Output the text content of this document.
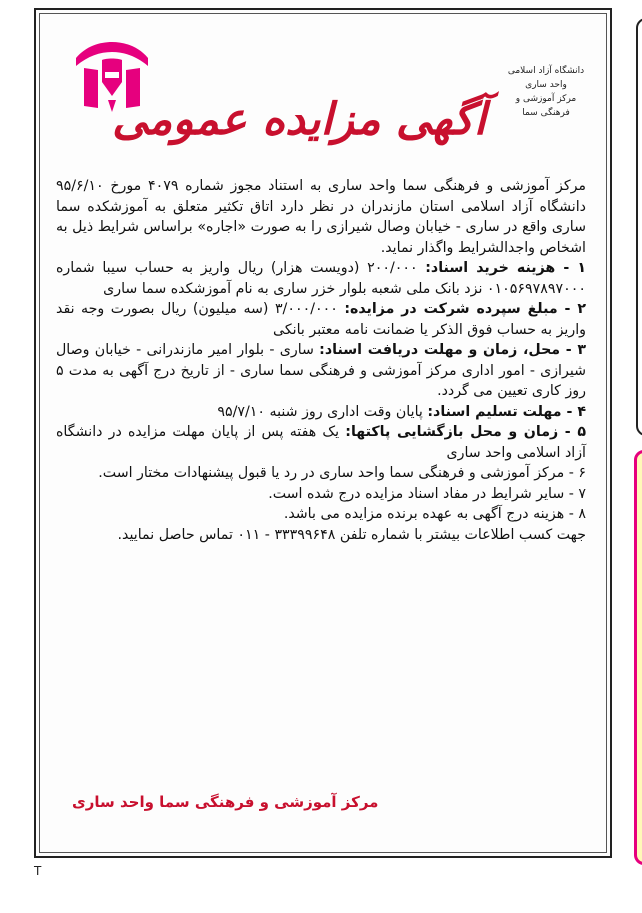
دانشگاه آزاد اسلامی
واحد ساری
مرکز آموزشی و
فرهنگی سما
آگهی مزایده عمومی

مرکز آموزشی و فرهنگی سما واحد ساری به استناد مجوز شماره ۴۰۷۹ مورخ ۹۵/۶/۱۰ دانشگاه آزاد اسلامی استان مازندران در نظر دارد اتاق تکثیر متعلق به آموزشکده سما ساری واقع در ساری - خیابان وصال شیرازی را به صورت «اجاره» براساس شرایط ذیل به اشخاص واجدالشرایط واگذار نماید.

۱ - هزینه خرید اسناد: ۲۰۰/۰۰۰ (دویست هزار) ریال واریز به حساب سیبا شماره ۰۱۰۵۶۹۷۸۹۷۰۰۰ نزد بانک ملی شعبه بلوار خزر ساری به نام آموزشکده سما ساری

۲ - مبلغ سپرده شرکت در مزایده: ۳/۰۰۰/۰۰۰ (سه میلیون) ریال بصورت وجه نقد واریز به حساب فوق الذکر یا ضمانت نامه معتبر بانکی

۳ - محل، زمان و مهلت دریافت اسناد: ساری - بلوار امیر مازندرانی - خیابان وصال شیرازی - امور اداری مرکز آموزشی و فرهنگی سما ساری - از تاریخ درج آگهی به مدت ۵ روز کاری تعیین می گردد.

۴ - مهلت تسلیم اسناد: پایان وقت اداری روز شنبه ۹۵/۷/۱۰

۵ - زمان و محل بازگشایی پاکتها: یک هفته پس از پایان مهلت مزایده در دانشگاه آزاد اسلامی واحد ساری

۶ - مرکز آموزشی و فرهنگی سما واحد ساری در رد یا قبول پیشنهادات مختار است.

۷ - سایر شرایط در مفاد اسناد مزایده درج شده است.

۸ - هزینه درج آگهی به عهده برنده مزایده می باشد.

جهت کسب اطلاعات بیشتر با شماره تلفن ۳۳۳۹۹۶۴۸ - ۰۱۱ تماس حاصل نمایید.

مرکز آموزشی و فرهنگی سما واحد ساری
T
